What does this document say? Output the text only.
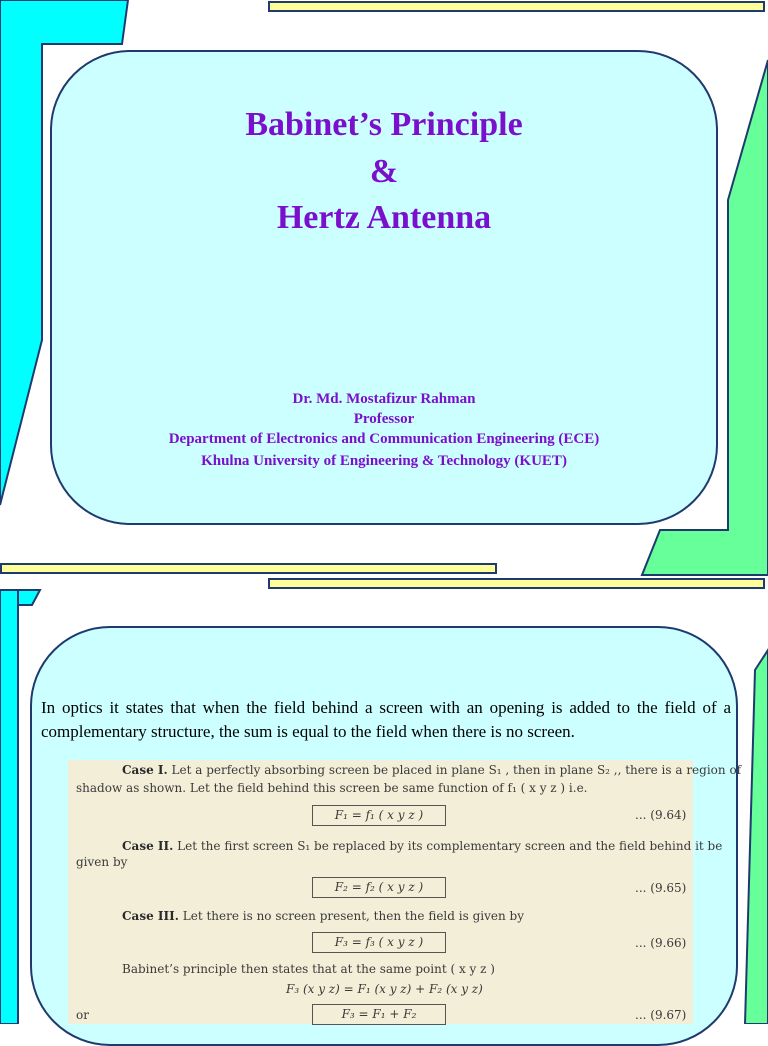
Babinet’s Principle
&
Hertz Antenna
Dr. Md. Mostafizur Rahman
Professor
Department of Electronics and Communication Engineering (ECE)
Khulna University of Engineering & Technology (KUET)
In optics it states that when the field behind a screen with an opening is added to the field of a complementary structure, the sum is equal to the field when there is no screen.
Case I. Let a perfectly absorbing screen be placed in plane S₁ , then in plane S₂ ,, there is a region of
shadow as shown. Let the field behind this screen be same function of f₁ ( x y z ) i.e.
F₁ = f₁ ( x y z )	... (9.64)
Case II. Let the first screen S₁ be replaced by its complementary screen and the field behind it be
given by
F₂ = f₂ ( x y z )	... (9.65)
Case III. Let there is no screen present, then the field is given by
F₃ = f₃ ( x y z )	... (9.66)
Babinet’s principle then states that at the same point ( x y z )
F₃ (x y z) = F₁ (x y z) + F₂ (x y z)
or	F₃ = F₁ + F₂	... (9.67)
